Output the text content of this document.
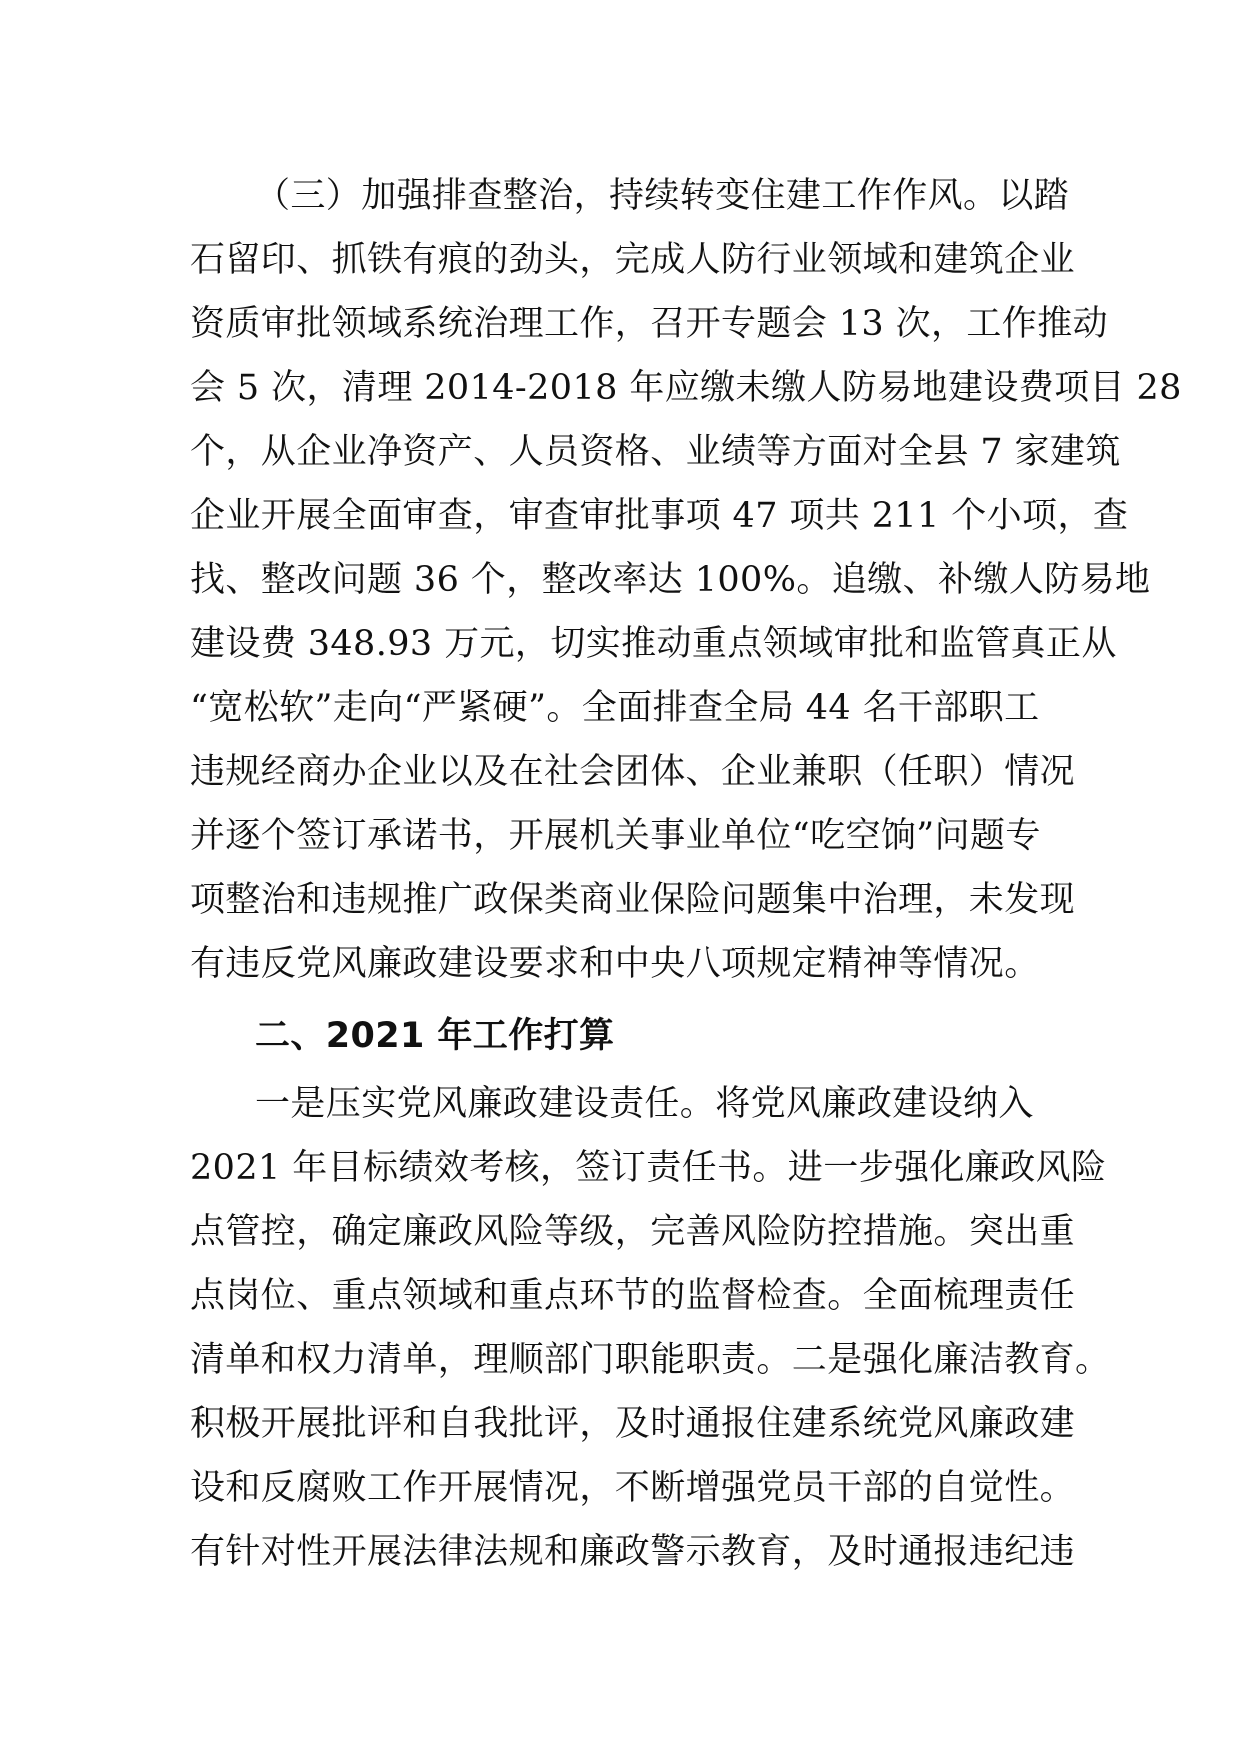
（三）加强排查整治，持续转变住建工作作风。以踏

石留印、抓铁有痕的劲头，完成人防行业领域和建筑企业

资质审批领域系统治理工作，召开专题会 13 次，工作推动

会 5 次，清理 2014-2018 年应缴未缴人防易地建设费项目 28

个，从企业净资产、人员资格、业绩等方面对全县 7 家建筑

企业开展全面审查，审查审批事项 47 项共 211 个小项，查

找、整改问题 36 个，整改率达 100%。追缴、补缴人防易地

建设费 348.93 万元，切实推动重点领域审批和监管真正从

“宽松软”走向“严紧硬”。全面排查全局 44 名干部职工

违规经商办企业以及在社会团体、企业兼职（任职）情况

并逐个签订承诺书，开展机关事业单位“吃空饷”问题专

项整治和违规推广政保类商业保险问题集中治理，未发现

有违反党风廉政建设要求和中央八项规定精神等情况。

二、2021 年工作打算

一是压实党风廉政建设责任。将党风廉政建设纳入

2021 年目标绩效考核，签订责任书。进一步强化廉政风险

点管控，确定廉政风险等级，完善风险防控措施。突出重

点岗位、重点领域和重点环节的监督检查。全面梳理责任

清单和权力清单，理顺部门职能职责。二是强化廉洁教育。

积极开展批评和自我批评，及时通报住建系统党风廉政建

设和反腐败工作开展情况，不断增强党员干部的自觉性。

有针对性开展法律法规和廉政警示教育，及时通报违纪违
